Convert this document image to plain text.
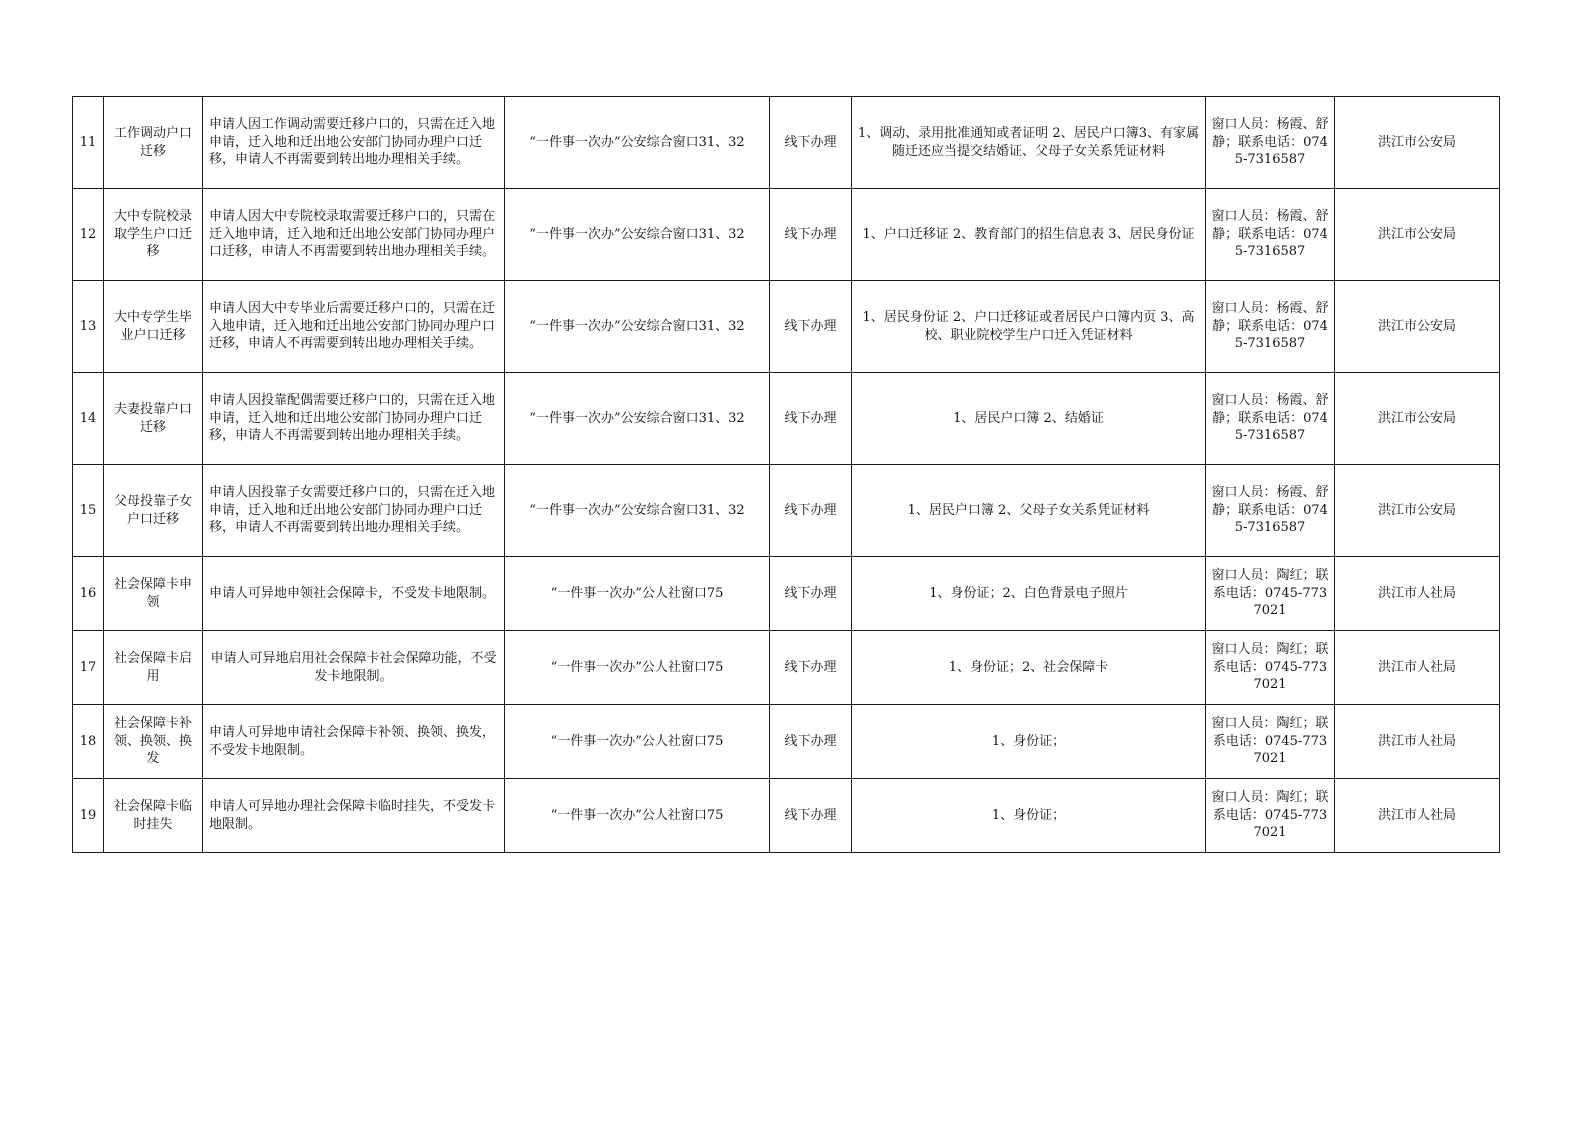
11	工作调动户口迁移	申请人因工作调动需要迁移户口的，只需在迁入地申请，迁入地和迁出地公安部门协同办理户口迁移，申请人不再需要到转出地办理相关手续。	“一件事一次办”公安综合窗口31、32	线下办理	1、调动、录用批准通知或者证明 2、居民户口簿3、有家属随迁还应当提交结婚证、父母子女关系凭证材料	窗口人员：杨霞、舒静；联系电话：0745-7316587	洪江市公安局
12	大中专院校录取学生户口迁移	申请人因大中专院校录取需要迁移户口的，只需在迁入地申请，迁入地和迁出地公安部门协同办理户口迁移，申请人不再需要到转出地办理相关手续。	“一件事一次办”公安综合窗口31、32	线下办理	1、户口迁移证 2、教育部门的招生信息表 3、居民身份证	窗口人员：杨霞、舒静；联系电话：0745-7316587	洪江市公安局
13	大中专学生毕业户口迁移	申请人因大中专毕业后需要迁移户口的，只需在迁入地申请，迁入地和迁出地公安部门协同办理户口迁移，申请人不再需要到转出地办理相关手续。	“一件事一次办”公安综合窗口31、32	线下办理	1、居民身份证 2、户口迁移证或者居民户口簿内页 3、高校、职业院校学生户口迁入凭证材料	窗口人员：杨霞、舒静；联系电话：0745-7316587	洪江市公安局
14	夫妻投靠户口迁移	申请人因投靠配偶需要迁移户口的，只需在迁入地申请，迁入地和迁出地公安部门协同办理户口迁移，申请人不再需要到转出地办理相关手续。	“一件事一次办”公安综合窗口31、32	线下办理	1、居民户口簿 2、结婚证	窗口人员：杨霞、舒静；联系电话：0745-7316587	洪江市公安局
15	父母投靠子女户口迁移	申请人因投靠子女需要迁移户口的，只需在迁入地申请，迁入地和迁出地公安部门协同办理户口迁移，申请人不再需要到转出地办理相关手续。	“一件事一次办”公安综合窗口31、32	线下办理	1、居民户口簿 2、父母子女关系凭证材料	窗口人员：杨霞、舒静；联系电话：0745-7316587	洪江市公安局
16	社会保障卡申领	申请人可异地申领社会保障卡，不受发卡地限制。	“一件事一次办”公人社窗口75	线下办理	1、身份证；2、白色背景电子照片	窗口人员：陶红；联系电话：0745-7737021	洪江市人社局
17	社会保障卡启用	申请人可异地启用社会保障卡社会保障功能，不受发卡地限制。	“一件事一次办”公人社窗口75	线下办理	1、身份证；2、社会保障卡	窗口人员：陶红；联系电话：0745-7737021	洪江市人社局
18	社会保障卡补领、换领、换发	申请人可异地申请社会保障卡补领、换领、换发，不受发卡地限制。	“一件事一次办”公人社窗口75	线下办理	1、身份证；	窗口人员：陶红；联系电话：0745-7737021	洪江市人社局
19	社会保障卡临时挂失	申请人可异地办理社会保障卡临时挂失，不受发卡地限制。	“一件事一次办”公人社窗口75	线下办理	1、身份证；	窗口人员：陶红；联系电话：0745-7737021	洪江市人社局
